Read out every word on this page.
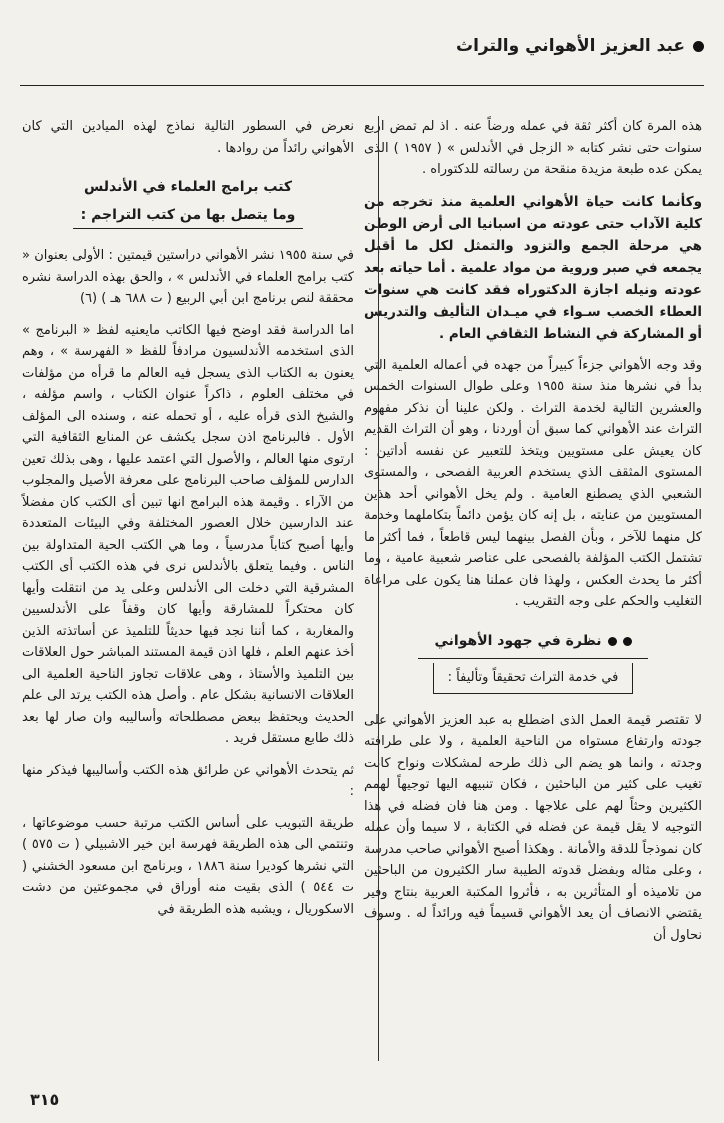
عبد العزيز الأهواني والتراث

هذه المرة كان أكثر ثقة في عمله ورضاً عنه . اذ لم تمض اربع سنوات حتى نشر كتابه « الزجل في الأندلس » ( ١٩٥٧ ) الذى يمكن عده طبعة مزيدة منقحة من رسالته للدكتوراه .

وكأنما كانت حياة الأهواني العلمية منذ تخرجه من كلية الآداب حتى عودته من اسبانيا الى أرض الوطن هي مرحلة الجمع والتزود والتمثل لكل ما أقبل يجمعه في صبر وروية من مواد علمية . أما حياته بعد عودته ونيله اجازة الدكتوراه فقد كانت هي سنوات العطاء الخصب سـواء في ميـدان التأليف والتدريس أو المشاركة في النشاط الثقافي العام .

وقد وجه الأهواني جزءاً كبيراً من جهده في أعماله العلمية التي بدأ في نشرها منذ سنة ١٩٥٥ وعلى طوال السنوات الخمس والعشرين التالية لخدمة التراث . ولكن علينا أن نذكر مفهوم التراث عند الأهواني كما سبق أن أوردنا ، وهو أن التراث القديم كان يعيش على مستويين ويتخذ للتعبير عن نفسه أداتين : المستوى المثقف الذي يستخدم العربية الفصحى ، والمستوى الشعبي الذي يصطنع العامية . ولم يخل الأهواني أحد هذين المستويين من عنايته ، بل إنه كان يؤمن دائماً بتكاملهما وخدمة كل منهما للآخر ، وبأن الفصل بينهما ليس قاطعاً ، فما أكثر ما تشتمل الكتب المؤلفة بالفصحى على عناصر شعبية عامية ، وما أكثر ما يحدث العكس ، ولهذا فان عملنا هنا يكون على مراعاة التغليب والحكم على وجه التقريب .

نظرة في جهود الأهواني
في خدمة التراث تحقيقاً وتأليفاً :

لا تقتصر قيمة العمل الذى اضطلع به عبد العزيز الأهواني على جودته وارتفاع مستواه من الناحية العلمية ، ولا على طرافته وجدته ، وانما هو يضم الى ذلك طرحه لمشكلات ونواح كانت تغيب على كثير من الباحثين ، فكان تنبيهه اليها توجيهاً لهمم الكثيرين وحثاً لهم على علاجها . ومن هنا فان فضله في هذا التوجيه لا يقل قيمة عن فضله في الكتابة ، لا سيما وأن عمله كان نموذجاً للدقة والأمانة . وهكذا أصبح الأهواني صاحب مدرسة ، وعلى مثاله وبفضل قدوته الطيبة سار الكثيرون من الباحثين من تلاميذه أو المتأثرين به ، فأثروا المكتبة العربية بنتاج وفير يقتضي الانصاف أن يعد الأهواني قسيماً فيه ورائداً له . وسوف نحاول أن

نعرض في السطور التالية نماذج لهذه الميادين التي كان الأهواني رائداً من روادها .

كتب برامج العلماء في الأندلس
وما يتصل بها من كتب التراجم :

في سنة ١٩٥٥ نشر الأهواني دراستين قيمتين : الأولى بعنوان « كتب برامج العلماء في الأندلس » ، والحق بهذه الدراسة نشره محققة لنص برنامج ابن أبي الربيع ( ت ٦٨٨ هـ ) (٦)

اما الدراسة فقد اوضح فيها الكاتب مايعنيه لفظ « البرنامج » الذى استخدمه الأندلسيون مرادفاً للفظ « الفهرسة » ، وهم يعنون به الكتاب الذى يسجل فيه العالم ما قرأه من مؤلفات في مختلف العلوم ، ذاكراً عنوان الكتاب ، واسم مؤلفه ، والشيخ الذى قرأه عليه ، أو تحمله عنه ، وسنده الى المؤلف الأول . فالبرنامج اذن سجل يكشف عن المنابع الثقافية التي ارتوى منها العالم ، والأصول التي اعتمد عليها ، وهى بذلك تعين الدارس للمؤلف صاحب البرنامج على معرفة الأصيل والمجلوب من الآراء . وقيمة هذه البرامج انها تبين أى الكتب كان مفضلاً عند الدارسين خلال العصور المختلفة وفي البيئات المتعددة وأيها أصبح كتاباً مدرسياً ، وما هي الكتب الحية المتداولة بين الناس . وفيما يتعلق بالأندلس نرى في هذه الكتب أى الكتب المشرقية التي دخلت الى الأندلس وعلى يد من انتقلت وأيها كان محتكراً للمشارقة وأيها كان وقفاً على الأندلسيين والمغاربة ، كما أننا نجد فيها حديثاً للتلميذ عن أساتذته الذين أخذ عنهم العلم ، فلها اذن قيمة المستند المباشر حول العلاقات بين التلميذ والأستاذ ، وهى علاقات تجاوز الناحية العلمية الى العلاقات الانسانية بشكل عام . وأصل هذه الكتب يرتد الى علم الحديث ويحتفظ ببعض مصطلحاته وأساليبه وان صار لها بعد ذلك طابع مستقل فريد .

ثم يتحدث الأهواني عن طرائق هذه الكتب وأساليبها فيذكر منها :

طريقة التبويب على أساس الكتب مرتبة حسب موضوعاتها ، وتنتمي الى هذه الطريقة فهرسة ابن خير الاشبيلي ( ت ٥٧٥ ) التي نشرها كوديرا سنة ١٨٨٦ ، وبرنامج ابن مسعود الخشني ( ت ٥٤٤ ) الذى بقيت منه أوراق في مجموعتين من دشت الاسكوريال ، ويشبه هذه الطريقة في

٣١٥
